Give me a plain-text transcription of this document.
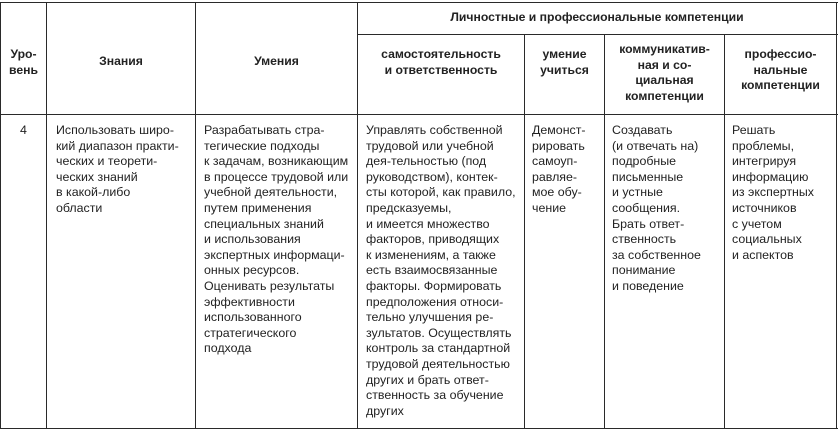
Уро-
вень
Знания	Умения
Личностные и профессиональные компетенции
самостоятельность
и ответственность
умение
учиться
коммуникатив-
ная и со-
циальная
компетенции
профессио-
нальные
компетенции
4	Использовать широ-
кий диапазон практи-
ческих и теорети-
ческих знаний
в какой-либо
области
Разрабатывать стра-
тегические подходы
к задачам, возникающим
в процессе трудовой или
учебной деятельности,
путем применения
специальныx знаний
и использования
экспертных информаци-
онных ресурсов.
Оценивать результаты
эффективности
использованного
стратегического
подхода
Управлять собственной
трудовой или учебной
дея-тельностью (под
руководством), контек-
сты которой, как правило,
предсказуемы,
и имеется множество
факторов, приводящих
к изменениям, а также
есть взаимосвязанные
факторы. Формировать
предположения относи-
тельно улучшения ре-
зультатов. Осуществлять
контроль за стандартной
трудовой деятельностью
других и брать ответ-
ственность за обучение
других
Демонст-
рировать
самоуп-
равляе-
мое обу-
чение
Создавать
(и отвечать на)
подробные
письменные
и устные
сообщения.
Брать ответ-
ственность
за собственное
понимание
и поведение
Решать
проблемы,
интегрируя
информацию
из экспертных
источников
с учетом
социальных
и аспектов
